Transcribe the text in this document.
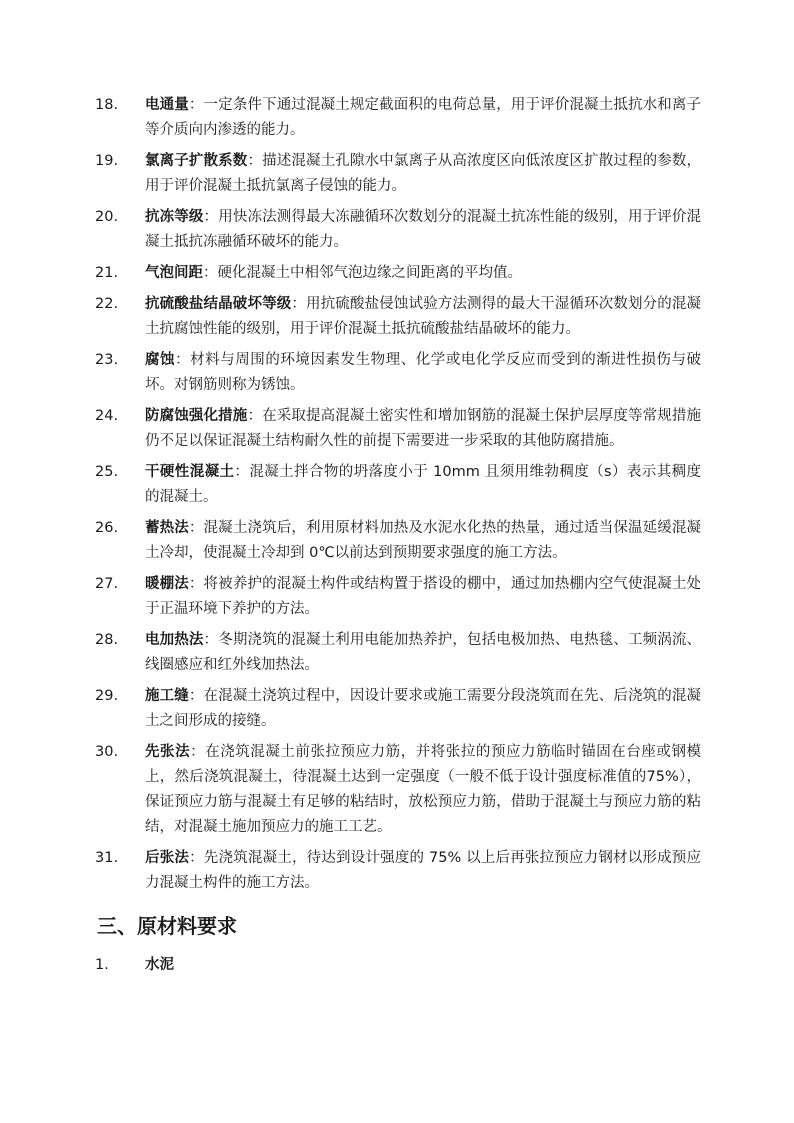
18. 电通量：一定条件下通过混凝土规定截面积的电荷总量，用于评价混凝土抵抗水和离子等介质向内渗透的能力。
19. 氯离子扩散系数：描述混凝土孔隙水中氯离子从高浓度区向低浓度区扩散过程的参数，用于评价混凝土抵抗氯离子侵蚀的能力。
20. 抗冻等级：用快冻法测得最大冻融循环次数划分的混凝土抗冻性能的级别，用于评价混凝土抵抗冻融循环破坏的能力。
21. 气泡间距：硬化混凝土中相邻气泡边缘之间距离的平均值。
22. 抗硫酸盐结晶破坏等级：用抗硫酸盐侵蚀试验方法测得的最大干湿循环次数划分的混凝土抗腐蚀性能的级别，用于评价混凝土抵抗硫酸盐结晶破坏的能力。
23. 腐蚀：材料与周围的环境因素发生物理、化学或电化学反应而受到的渐进性损伤与破坏。对钢筋则称为锈蚀。
24. 防腐蚀强化措施：在采取提高混凝土密实性和增加钢筋的混凝土保护层厚度等常规措施仍不足以保证混凝土结构耐久性的前提下需要进一步采取的其他防腐措施。
25. 干硬性混凝土：混凝土拌合物的坍落度小于 10mm 且须用维勃稠度（s）表示其稠度的混凝土。
26. 蓄热法：混凝土浇筑后，利用原材料加热及水泥水化热的热量，通过适当保温延缓混凝土冷却，使混凝土冷却到 0℃以前达到预期要求强度的施工方法。
27. 暖棚法：将被养护的混凝土构件或结构置于搭设的棚中，通过加热棚内空气使混凝土处于正温环境下养护的方法。
28. 电加热法：冬期浇筑的混凝土利用电能加热养护，包括电极加热、电热毯、工频涡流、线圈感应和红外线加热法。
29. 施工缝：在混凝土浇筑过程中，因设计要求或施工需要分段浇筑而在先、后浇筑的混凝土之间形成的接缝。
30. 先张法：在浇筑混凝土前张拉预应力筋，并将张拉的预应力筋临时锚固在台座或钢模上，然后浇筑混凝土，待混凝土达到一定强度（一般不低于设计强度标准值的75%），保证预应力筋与混凝土有足够的粘结时，放松预应力筋，借助于混凝土与预应力筋的粘结，对混凝土施加预应力的施工工艺。
31. 后张法：先浇筑混凝土，待达到设计强度的 75% 以上后再张拉预应力钢材以形成预应力混凝土构件的施工方法。
三、原材料要求
1. 水泥
